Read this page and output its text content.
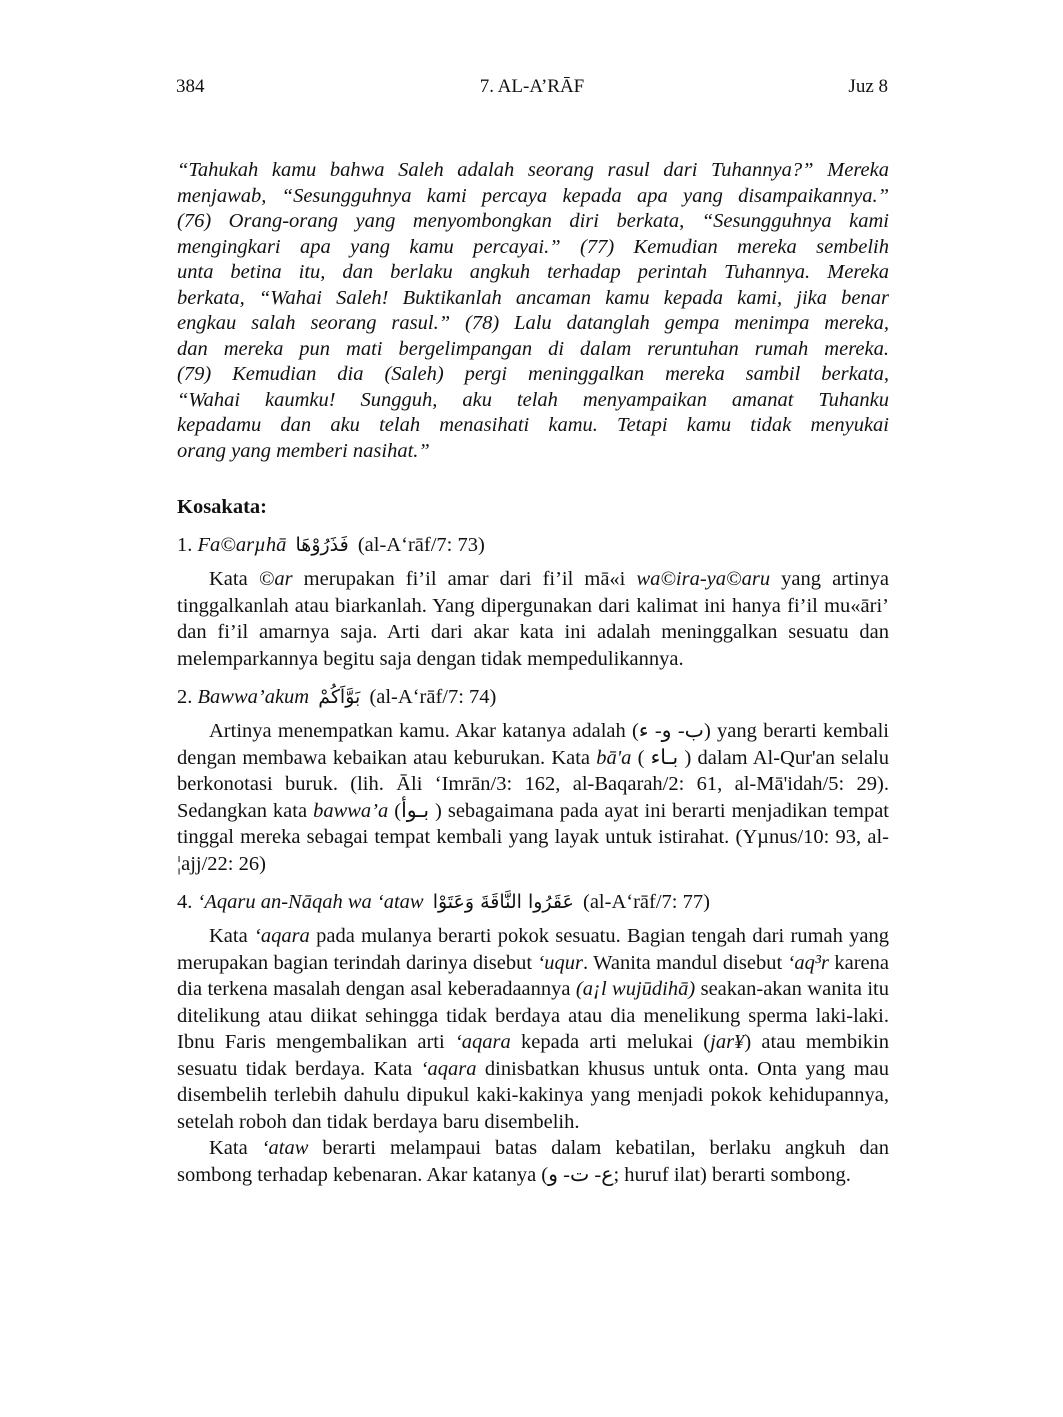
384	7. AL-A’RĀF	Juz 8

“Tahukah kamu bahwa Saleh adalah seorang rasul dari Tuhannya?” Mereka
menjawab, “Sesungguhnya kami percaya kepada apa yang disampaikannya.”
(76) Orang-orang yang menyombongkan diri berkata, “Sesungguhnya kami
mengingkari apa yang kamu percayai.” (77) Kemudian mereka sembelih
unta betina itu, dan berlaku angkuh terhadap perintah Tuhannya. Mereka
berkata, “Wahai Saleh! Buktikanlah ancaman kamu kepada kami, jika benar
engkau salah seorang rasul.” (78) Lalu datanglah gempa menimpa mereka,
dan mereka pun mati bergelimpangan di dalam reruntuhan rumah mereka.
(79) Kemudian dia (Saleh) pergi meninggalkan mereka sambil berkata,
“Wahai kaumku! Sungguh, aku telah menyampaikan amanat Tuhanku
kepadamu dan aku telah menasihati kamu. Tetapi kamu tidak menyukai
orang yang memberi nasihat.”

Kosakata:
1. Fa©arµhā فَذَرُوْهَا (al-A‘rāf/7: 73)

Kata ©ar merupakan fi’il amar dari fi’il mā«i wa©ira-ya©aru yang artinya tinggalkanlah atau biarkanlah. Yang dipergunakan dari kalimat ini hanya fi’il mu«āri’ dan fi’il amarnya saja. Arti dari akar kata ini adalah meninggalkan sesuatu dan melemparkannya begitu saja dengan tidak mempedulikannya.

2. Bawwa’akum بَوَّاَكُمْ (al-A‘rāf/7: 74)

Artinya menempatkan kamu. Akar katanya adalah (ب- و- ء) yang berarti kembali dengan membawa kebaikan atau keburukan. Kata bā'a ( بـاء ) dalam Al-Qur'an selalu berkonotasi buruk. (lih. Āli ‘Imrān/3: 162, al-Baqarah/2: 61, al-Mā'idah/5: 29). Sedangkan kata bawwa’a (بـوأ ) sebagaimana pada ayat ini berarti menjadikan tempat tinggal mereka sebagai tempat kembali yang layak untuk istirahat. (Yµnus/10: 93, al-¦ajj/22: 26)

4. ‘Aqaru an-Nāqah wa ‘ataw عَقَرُوا النَّاقَةَ وَعَتَوْا (al-A‘rāf/7: 77)

Kata ‘aqara pada mulanya berarti pokok sesuatu. Bagian tengah dari rumah yang merupakan bagian terindah darinya disebut ‘uqur. Wanita mandul disebut ‘aq³r karena dia terkena masalah dengan asal keberadaannya (a¡l wujūdihā) seakan-akan wanita itu ditelikung atau diikat sehingga tidak berdaya atau dia menelikung sperma laki-laki. Ibnu Faris mengembalikan arti ‘aqara kepada arti melukai (jar¥) atau membikin sesuatu tidak berdaya. Kata ‘aqara dinisbatkan khusus untuk onta. Onta yang mau disembelih terlebih dahulu dipukul kaki-kakinya yang menjadi pokok kehidupannya, setelah roboh dan tidak berdaya baru disembelih.

Kata ‘ataw berarti melampaui batas dalam kebatilan, berlaku angkuh dan sombong terhadap kebenaran. Akar katanya (ع- ت- و; huruf ilat) berarti sombong.
